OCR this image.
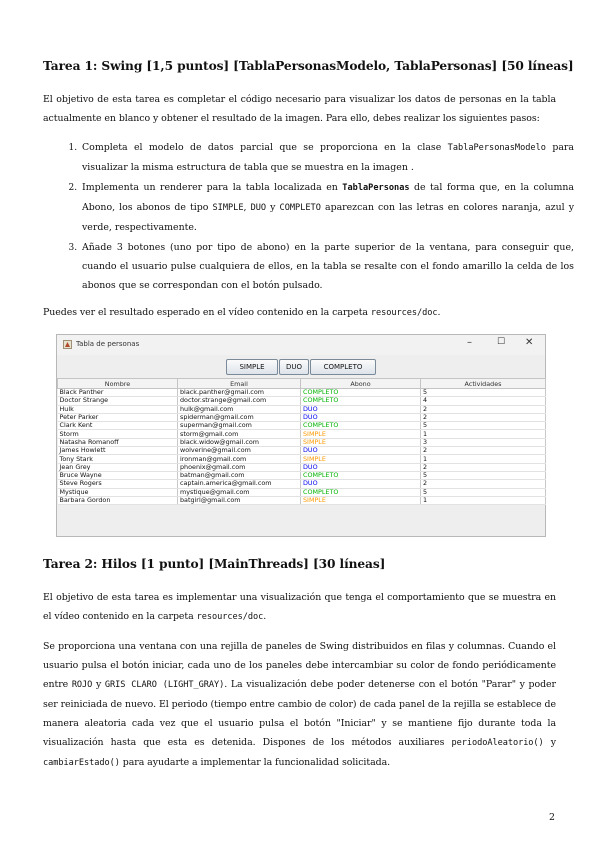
Tarea 1: Swing [1,5 puntos] [TablaPersonasModelo, TablaPersonas] [50 líneas]

El objetivo de esta tarea es completar el código necesario para visualizar los datos de personas en la tabla actualmente en blanco y obtener el resultado de la imagen. Para ello, debes realizar los siguientes pasos:

1. Completa el modelo de datos parcial que se proporciona en la clase TablaPersonasModelo para visualizar la misma estructura de tabla que se muestra en la imagen .
2. Implementa un renderer para la tabla localizada en TablaPersonas de tal forma que, en la columna Abono, los abonos de tipo SIMPLE, DUO y COMPLETO aparezcan con las letras en colores naranja, azul y verde, respectivamente.
3. Añade 3 botones (uno por tipo de abono) en la parte superior de la ventana, para conseguir que, cuando el usuario pulse cualquiera de ellos, en la tabla se resalte con el fondo amarillo la celda de los abonos que se correspondan con el botón pulsado.

Puedes ver el resultado esperado en el vídeo contenido en la carpeta resources/doc.

Tabla de personas	–	☐ ✕
SIMPLE	DUO	COMPLETO
Nombre	Email	Abono	Actividades
Black Panther	black.panther@gmail.com	COMPLETO	5
Doctor Strange	doctor.strange@gmail.com	COMPLETO	4
Hulk	hulk@gmail.com	DUO	2
Peter Parker	spiderman@gmail.com	DUO	2
Clark Kent	superman@gmail.com	COMPLETO	5
Storm	storm@gmail.com	SIMPLE	1
Natasha Romanoff	black.widow@gmail.com	SIMPLE	3
James Howlett	wolverine@gmail.com	DUO	2
Tony Stark	ironman@gmail.com	SIMPLE	1
Jean Grey	phoenix@gmail.com	DUO	2
Bruce Wayne	batman@gmail.com	COMPLETO	5
Steve Rogers	captain.america@gmail.com	DUO	2
Mystique	mystique@gmail.com	COMPLETO	5
Barbara Gordon	batgirl@gmail.com	SIMPLE	1
Tarea 2: Hilos [1 punto] [MainThreads] [30 líneas]

El objetivo de esta tarea es implementar una visualización que tenga el comportamiento que se muestra en el vídeo contenido en la carpeta resources/doc.

Se proporciona una ventana con una rejilla de paneles de Swing distribuidos en filas y columnas. Cuando el usuario pulsa el botón iniciar, cada uno de los paneles debe intercambiar su color de fondo periódicamente entre ROJO y GRIS CLARO (LIGHT_GRAY). La visualización debe poder detenerse con el botón "Parar" y poder ser reiniciada de nuevo. El periodo (tiempo entre cambio de color) de cada panel de la rejilla se establece de manera aleatoria cada vez que el usuario pulsa el botón "Iniciar" y se mantiene fijo durante toda la visualización hasta que esta es detenida. Dispones de los métodos auxiliares periodoAleatorio() y cambiarEstado() para ayudarte a implementar la funcionalidad solicitada.

2
